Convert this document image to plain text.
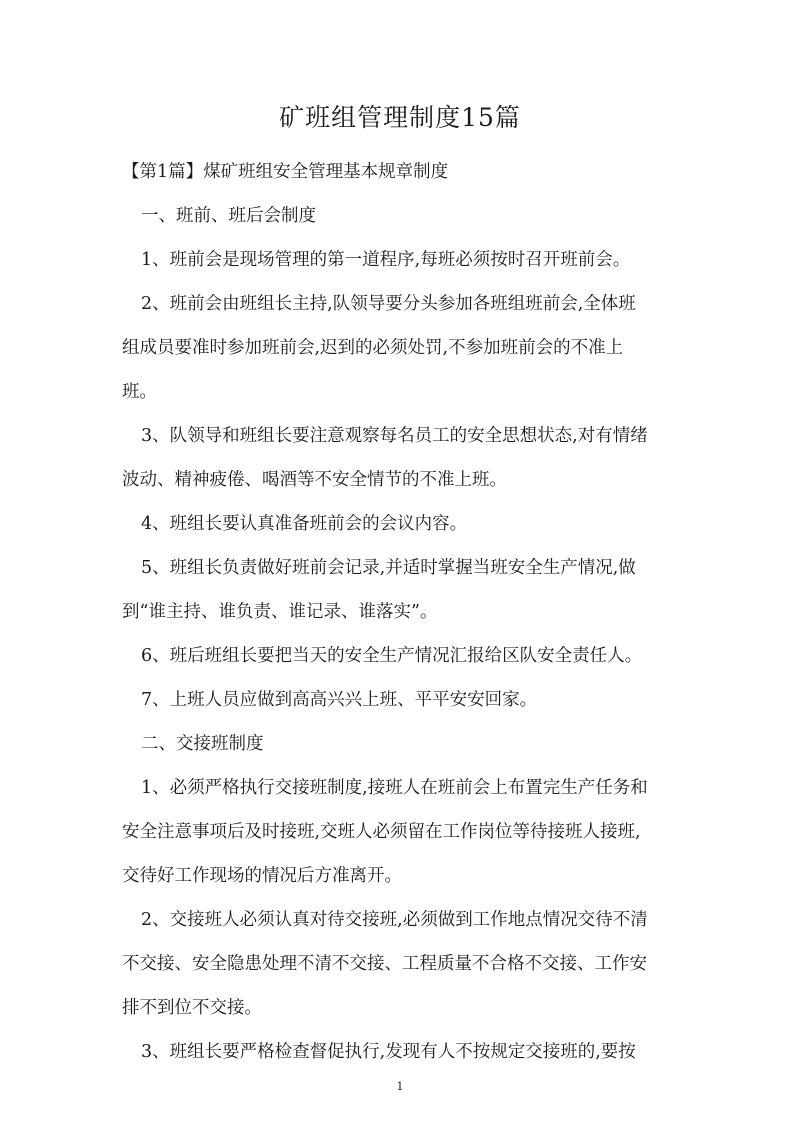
矿班组管理制度15篇
【第1篇】煤矿班组安全管理基本规章制度
一、班前、班后会制度
1、班前会是现场管理的第一道程序,每班必须按时召开班前会。
2、班前会由班组长主持,队领导要分头参加各班组班前会,全体班
组成员要准时参加班前会,迟到的必须处罚,不参加班前会的不准上
班。
3、队领导和班组长要注意观察每名员工的安全思想状态,对有情绪
波动、精神疲倦、喝酒等不安全情节的不准上班。
4、班组长要认真准备班前会的会议内容。
5、班组长负责做好班前会记录,并适时掌握当班安全生产情况,做
到“谁主持、谁负责、谁记录、谁落实”。
6、班后班组长要把当天的安全生产情况汇报给区队安全责任人。
7、上班人员应做到高高兴兴上班、平平安安回家。
二、交接班制度
1、必须严格执行交接班制度,接班人在班前会上布置完生产任务和
安全注意事项后及时接班,交班人必须留在工作岗位等待接班人接班,
交待好工作现场的情况后方准离开。
2、交接班人必须认真对待交接班,必须做到工作地点情况交待不清
不交接、安全隐患处理不清不交接、工程质量不合格不交接、工作安
排不到位不交接。
3、班组长要严格检查督促执行,发现有人不按规定交接班的,要按
1
